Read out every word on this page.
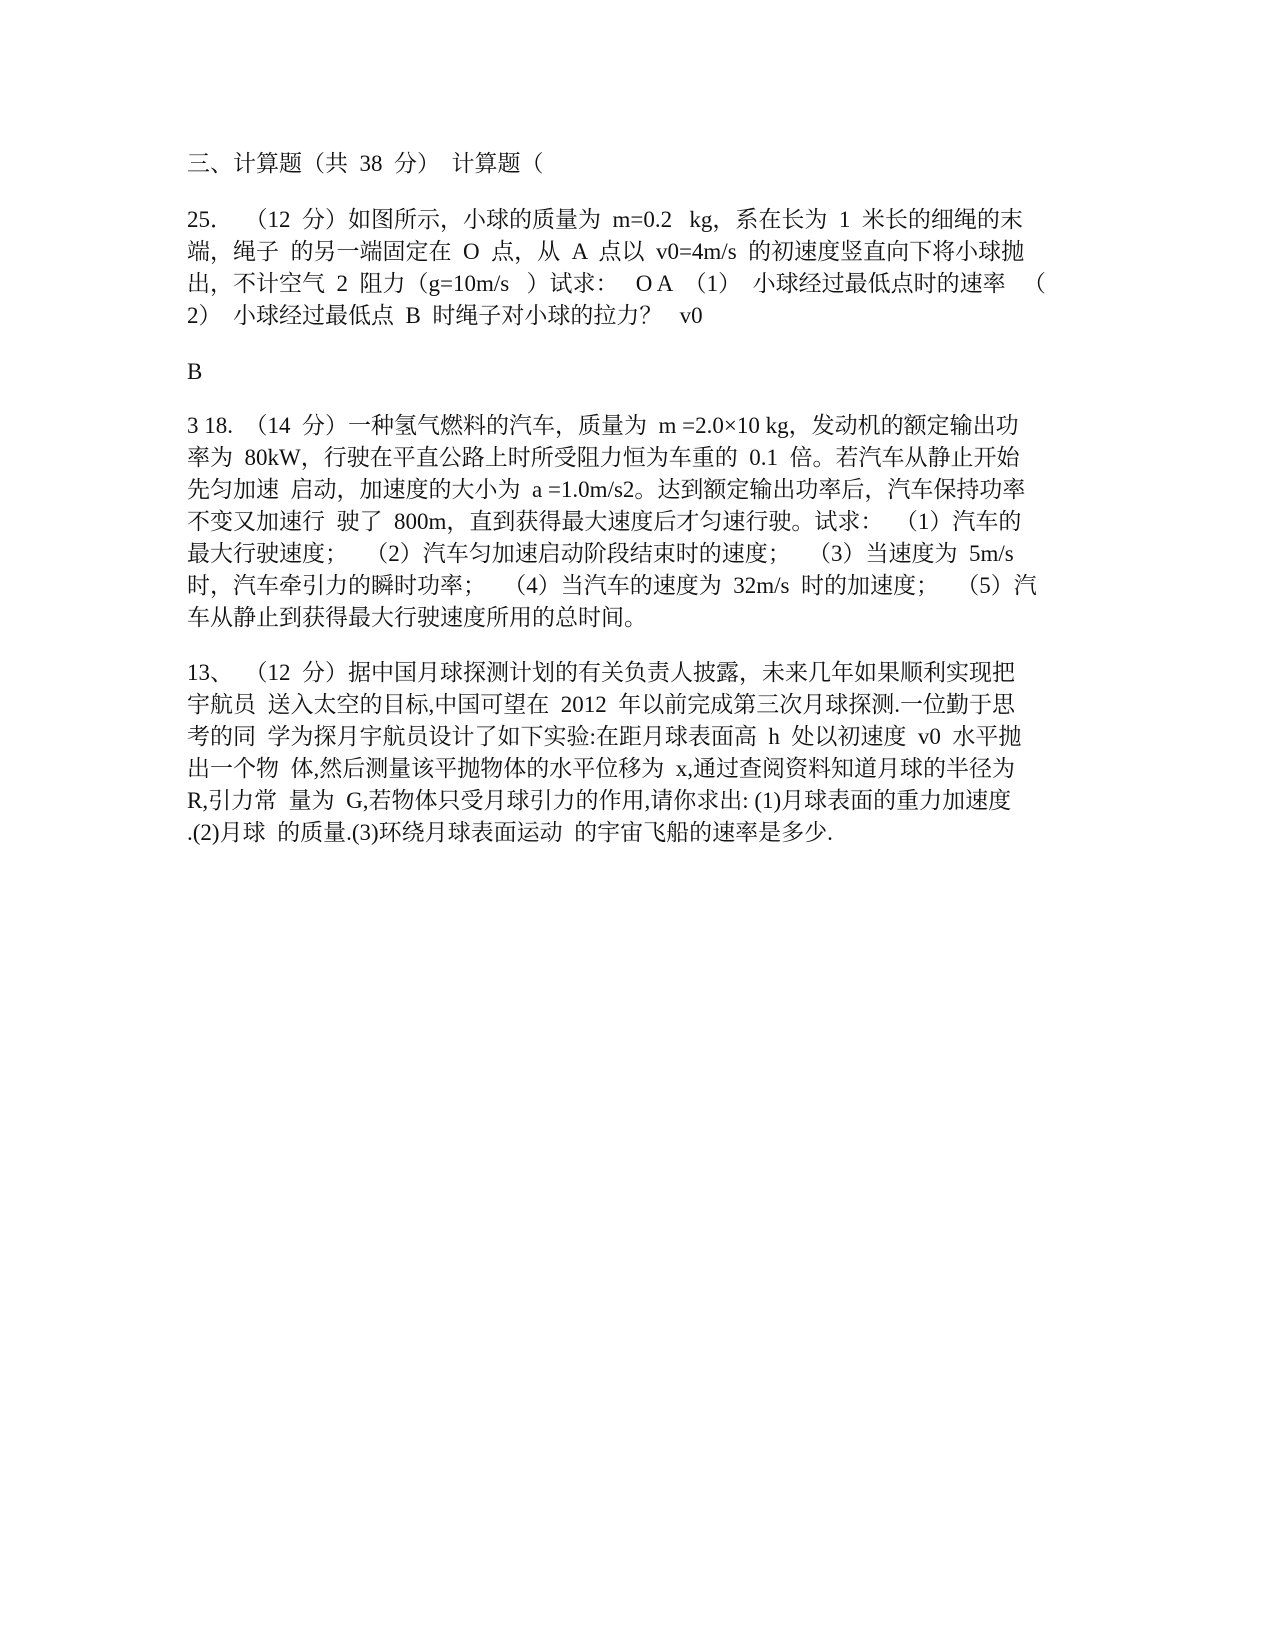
三、计算题（共  38  分）  计算题（
25．  （12  分）如图所示，小球的质量为  m=0.2   kg，系在长为  1  米长的细绳的末
端，绳子  的另一端固定在  O  点，从  A  点以  v0=4m/s  的初速度竖直向下将小球抛
出，不计空气  2  阻力（g=10m/s   ）试求：   O A  （1）  小球经过最低点时的速率   （
2）  小球经过最低点  B  时绳子对小球的拉力？   v0
B
3 18.  （14  分）一种氢气燃料的汽车，质量为  m =2.0×10 kg，发动机的额定输出功
率为  80kW，行驶在平直公路上时所受阻力恒为车重的  0.1  倍。若汽车从静止开始
先匀加速  启动，加速度的大小为  a =1.0m/s2。达到额定输出功率后，汽车保持功率
不变又加速行  驶了  800m，直到获得最大速度后才匀速行驶。试求：  （1）汽车的
最大行驶速度；   （2）汽车匀加速启动阶段结束时的速度；   （3）当速度为  5m/s
时，汽车牵引力的瞬时功率；   （4）当汽车的速度为  32m/s  时的加速度；   （5）汽
车从静止到获得最大行驶速度所用的总时间。
13、  （12  分）据中国月球探测计划的有关负责人披露，未来几年如果顺利实现把
宇航员  送入太空的目标,中国可望在  2012  年以前完成第三次月球探测.一位勤于思
考的同  学为探月宇航员设计了如下实验:在距月球表面高  h  处以初速度  v0  水平抛
出一个物  体,然后测量该平抛物体的水平位移为  x,通过查阅资料知道月球的半径为
R,引力常  量为  G,若物体只受月球引力的作用,请你求出: (1)月球表面的重力加速度
.(2)月球  的质量.(3)环绕月球表面运动  的宇宙飞船的速率是多少.
